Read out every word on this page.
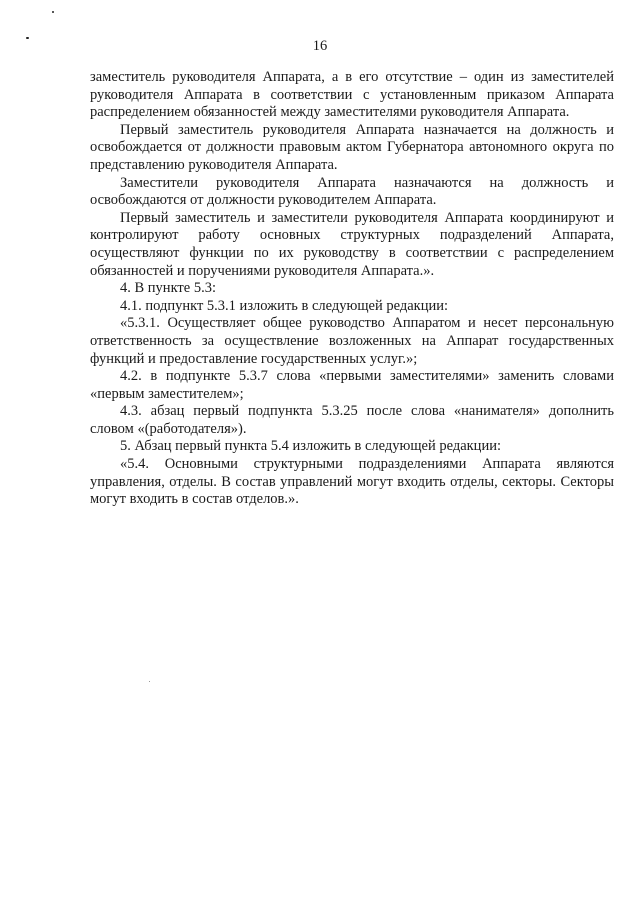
16

заместитель руководителя Аппарата, а в его отсутствие – один из заместителей руководителя Аппарата в соответствии с установленным приказом Аппарата распределением обязанностей между заместителями руководителя Аппарата.

Первый заместитель руководителя Аппарата назначается на должность и освобождается от должности правовым актом Губернатора автономного округа по представлению руководителя Аппарата.

Заместители руководителя Аппарата назначаются на должность и освобождаются от должности руководителем Аппарата.

Первый заместитель и заместители руководителя Аппарата координируют и контролируют работу основных структурных подразделений Аппарата, осуществляют функции по их руководству в соответствии с распределением обязанностей и поручениями руководителя Аппарата.».

4. В пункте 5.3:

4.1. подпункт 5.3.1 изложить в следующей редакции:

«5.3.1. Осуществляет общее руководство Аппаратом и несет персональную ответственность за осуществление возложенных на Аппарат государственных функций и предоставление государственных услуг.»;

4.2. в подпункте 5.3.7 слова «первыми заместителями» заменить словами «первым заместителем»;

4.3. абзац первый подпункта 5.3.25 после слова «нанимателя» дополнить словом «(работодателя»).

5. Абзац первый пункта 5.4 изложить в следующей редакции:

«5.4. Основными структурными подразделениями Аппарата являются управления, отделы. В состав управлений могут входить отделы, секторы. Секторы могут входить в состав отделов.».
